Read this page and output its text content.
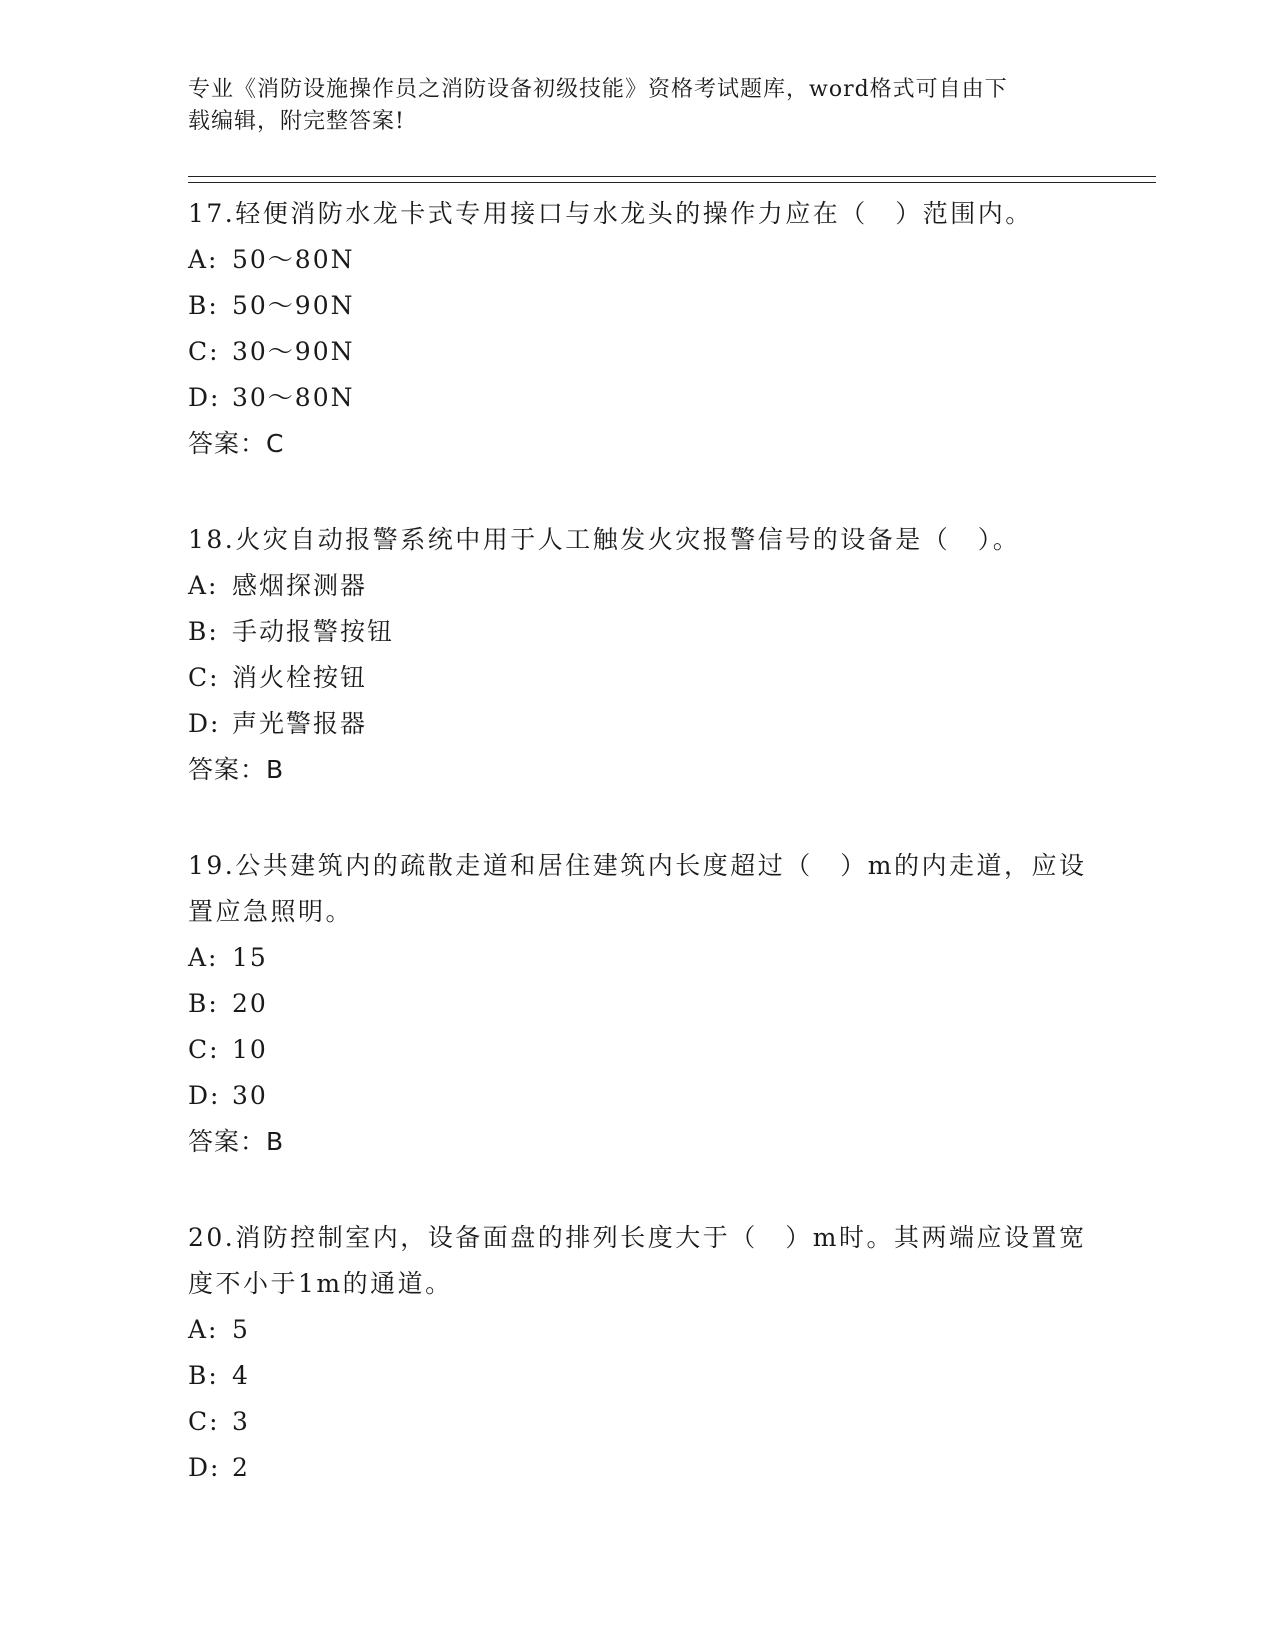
专业《消防设施操作员之消防设备初级技能》资格考试题库，word格式可自由下
载编辑，附完整答案!

17.轻便消防水龙卡式专用接口与水龙头的操作力应在（　）范围内。

A: 50～80N

B: 50～90N

C: 30～90N

D: 30～80N

答案：C

18.火灾自动报警系统中用于人工触发火灾报警信号的设备是（　）。

A: 感烟探测器

B: 手动报警按钮

C: 消火栓按钮

D: 声光警报器

答案：B

19.公共建筑内的疏散走道和居住建筑内长度超过（　）m的内走道，应设置应急照明。

A: 15

B: 20

C: 10

D: 30

答案：B

20.消防控制室内，设备面盘的排列长度大于（　）m时。其两端应设置宽度不小于1m的通道。

A: 5

B: 4

C: 3

D: 2
